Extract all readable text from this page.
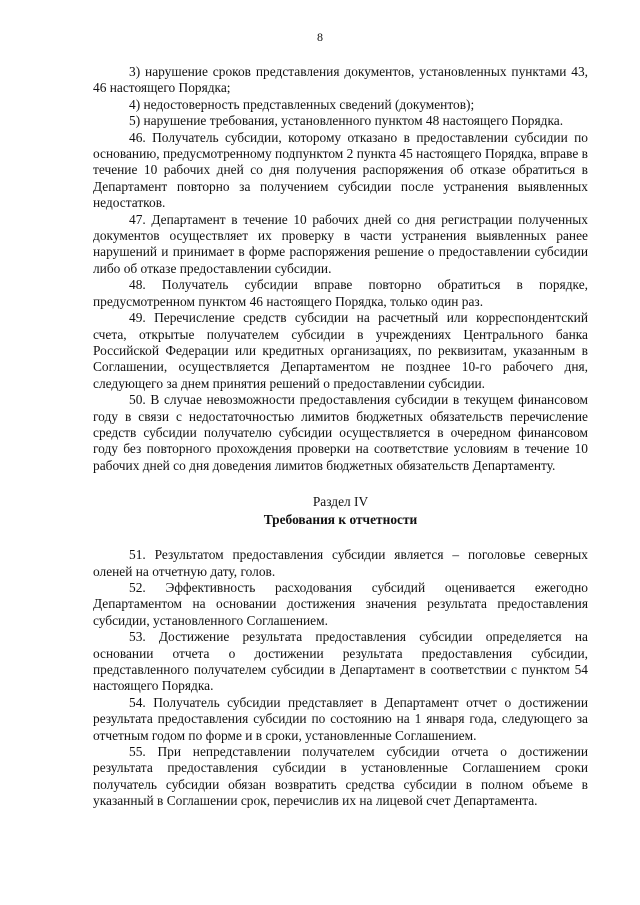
8

3) нарушение сроков представления документов, установленных пунктами 43, 46 настоящего Порядка;

4) недостоверность представленных сведений (документов);

5) нарушение требования, установленного пунктом 48 настоящего Порядка.

46. Получатель субсидии, которому отказано в предоставлении субсидии по основанию, предусмотренному подпунктом 2 пункта 45 настоящего Порядка, вправе в течение 10 рабочих дней со дня получения распоряжения об отказе обратиться в Департамент повторно за получением субсидии после устранения выявленных недостатков.

47. Департамент в течение 10 рабочих дней со дня регистрации полученных документов осуществляет их проверку в части устранения выявленных ранее нарушений и принимает в форме распоряжения решение о предоставлении субсидии либо об отказе предоставлении субсидии.

48. Получатель субсидии вправе повторно обратиться в порядке, предусмотренном пунктом 46 настоящего Порядка, только один раз.

49. Перечисление средств субсидии на расчетный или корреспондентский счета, открытые получателем субсидии в учреждениях Центрального банка Российской Федерации или кредитных организациях, по реквизитам, указанным в Соглашении, осуществляется Департаментом не позднее 10-го рабочего дня, следующего за днем принятия решений о предоставлении субсидии.

50. В случае невозможности предоставления субсидии в текущем финансовом году в связи с недостаточностью лимитов бюджетных обязательств перечисление средств субсидии получателю субсидии осуществляется в очередном финансовом году без повторного прохождения проверки на соответствие условиям в течение 10 рабочих дней со дня доведения лимитов бюджетных обязательств Департаменту.

Раздел IV
Требования к отчетности

51. Результатом предоставления субсидии является – поголовье северных оленей на отчетную дату, голов.

52. Эффективность расходования субсидий оценивается ежегодно Департаментом на основании достижения значения результата предоставления субсидии, установленного Соглашением.

53. Достижение результата предоставления субсидии определяется на основании отчета о достижении результата предоставления субсидии, представленного получателем субсидии в Департамент в соответствии с пунктом 54 настоящего Порядка.

54. Получатель субсидии представляет в Департамент отчет о достижении результата предоставления субсидии по состоянию на 1 января года, следующего за отчетным годом по форме и в сроки, установленные Соглашением.

55. При непредставлении получателем субсидии отчета о достижении результата предоставления субсидии в установленные Соглашением сроки получатель субсидии обязан возвратить средства субсидии в полном объеме в указанный в Соглашении срок, перечислив их на лицевой счет Департамента.
